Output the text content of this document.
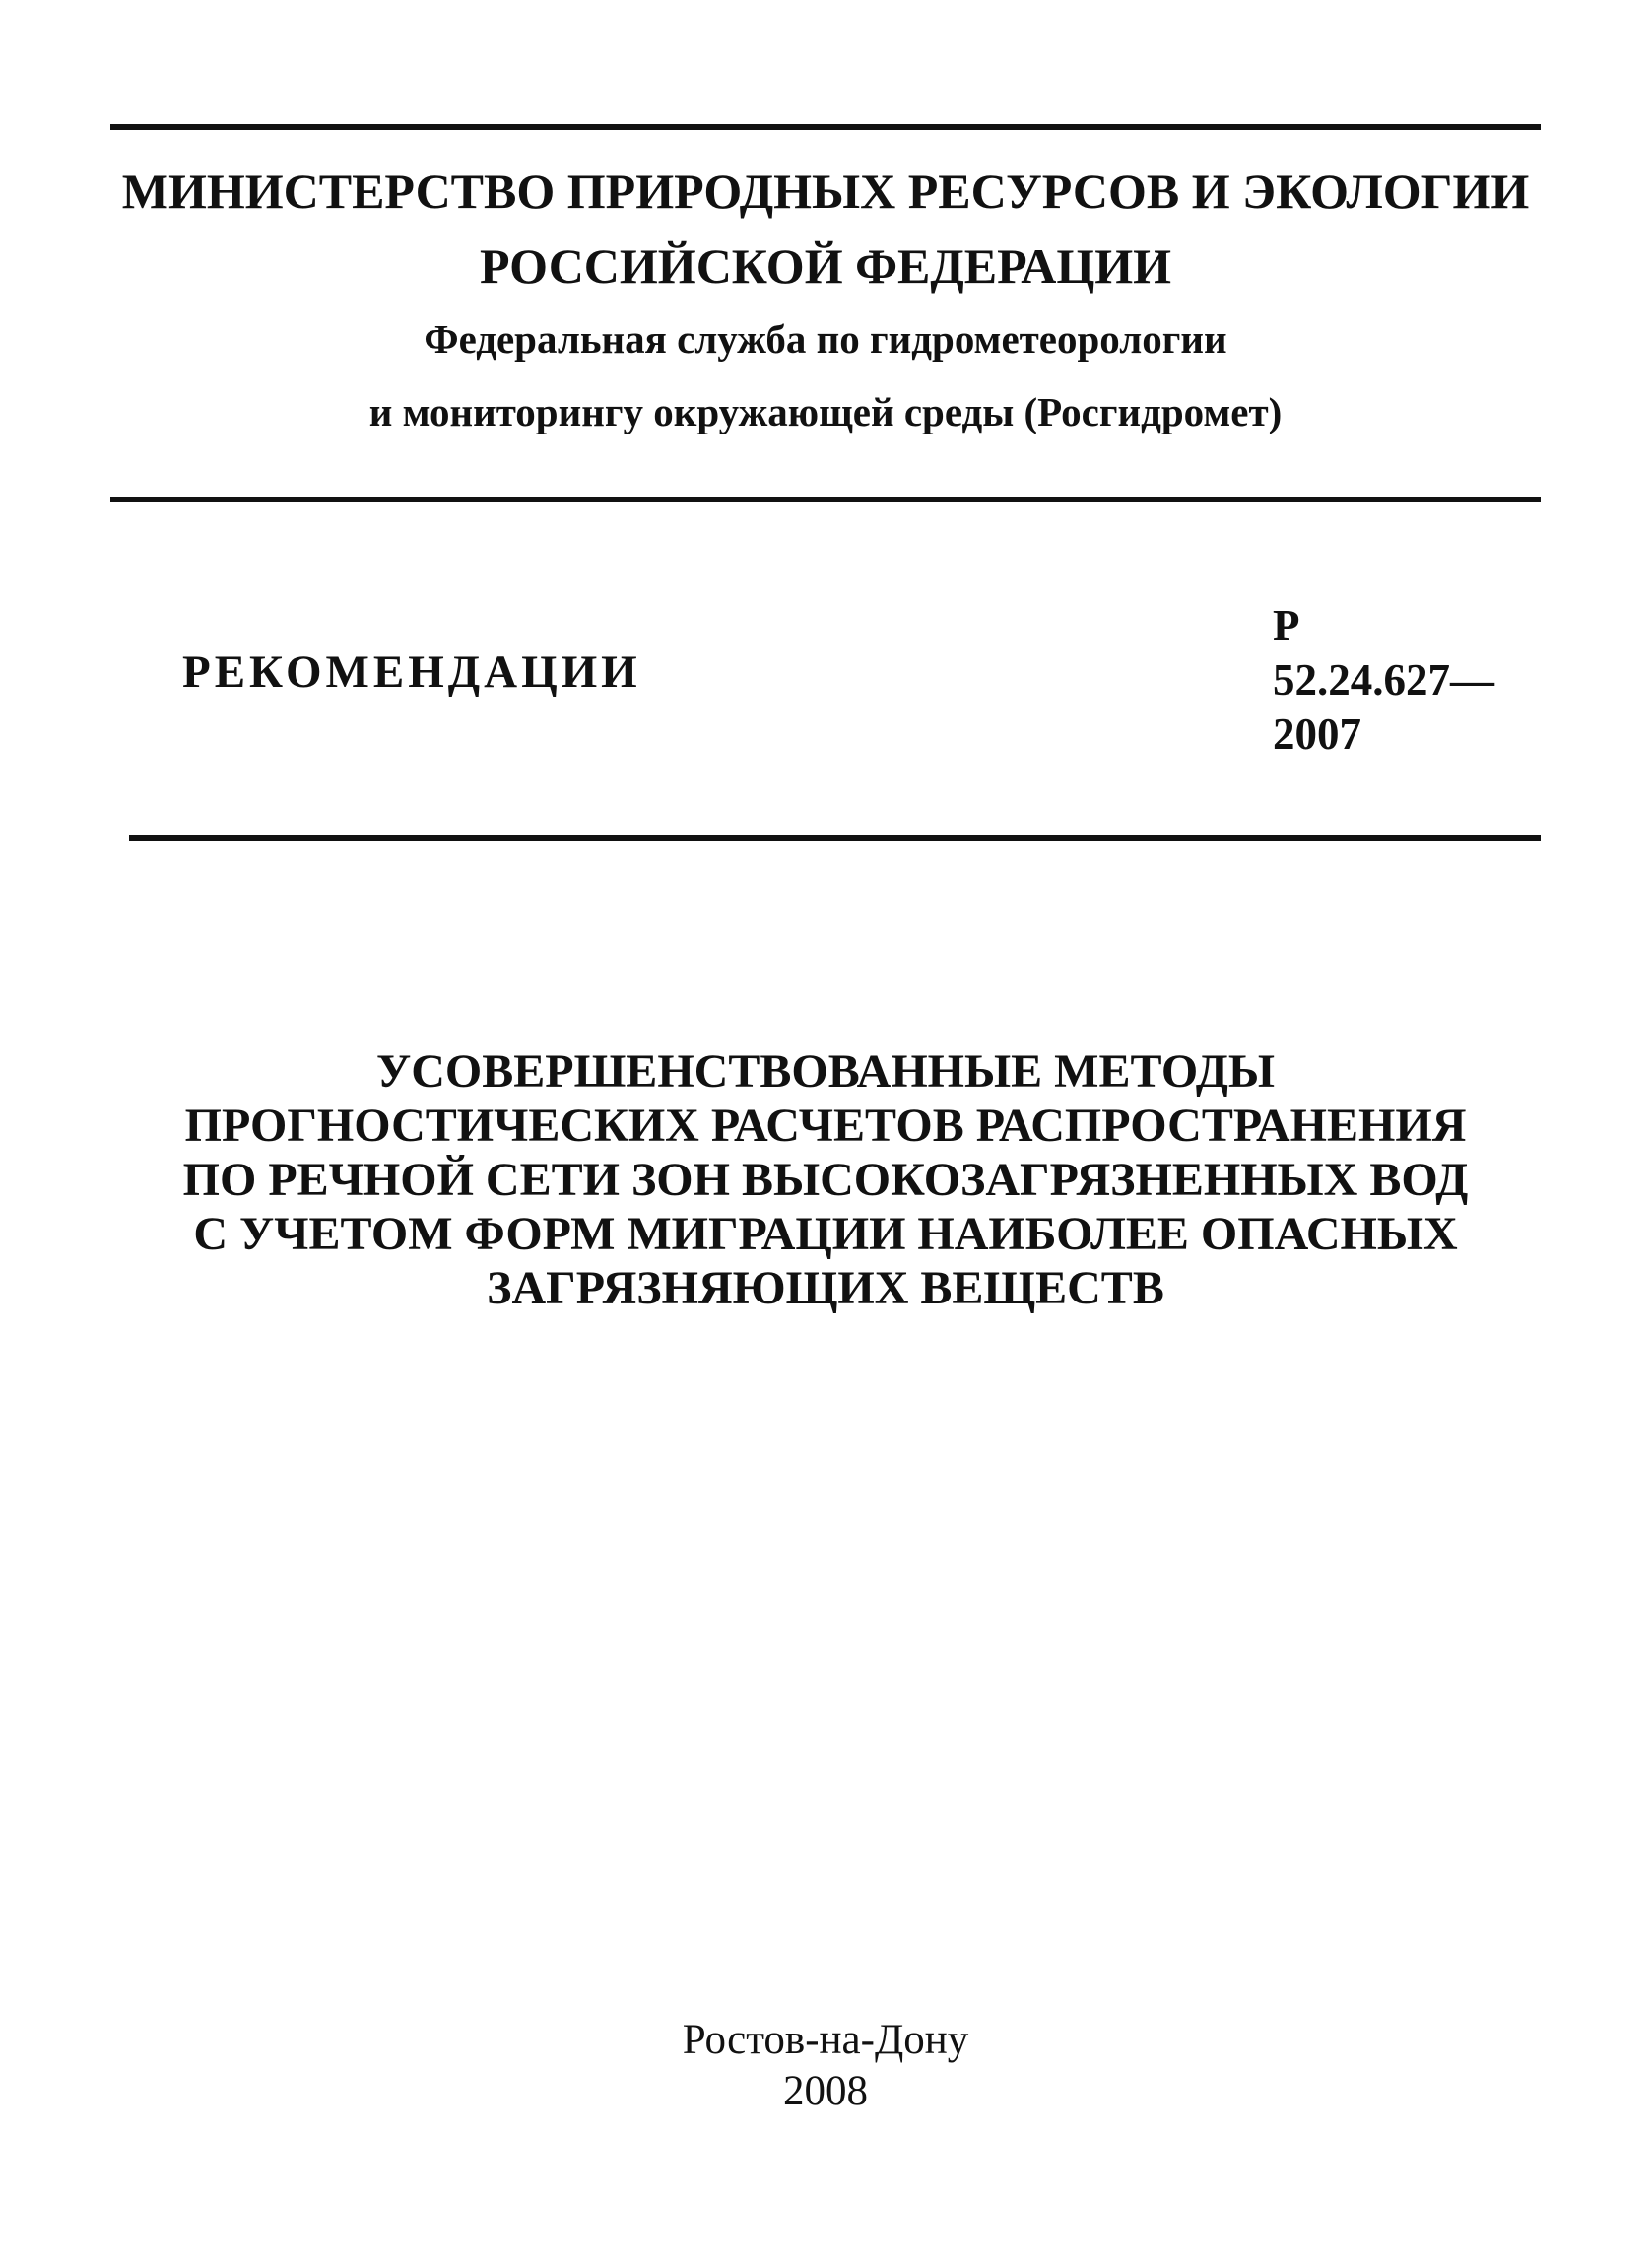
МИНИСТЕРСТВО ПРИРОДНЫХ РЕСУРСОВ И ЭКОЛОГИИ
РОССИЙСКОЙ ФЕДЕРАЦИИ
Федеральная служба по гидрометеорологии
и мониторингу окружающей среды (Росгидромет)
РЕКОМЕНДАЦИИ
Р
52.24.627—
2007
УСОВЕРШЕНСТВОВАННЫЕ МЕТОДЫ
ПРОГНОСТИЧЕСКИХ РАСЧЕТОВ РАСПРОСТРАНЕНИЯ
ПО РЕЧНОЙ СЕТИ ЗОН ВЫСОКОЗАГРЯЗНЕННЫХ ВОД
С УЧЕТОМ ФОРМ МИГРАЦИИ НАИБОЛЕЕ ОПАСНЫХ
ЗАГРЯЗНЯЮЩИХ ВЕЩЕСТВ
Ростов-на-Дону
2008
